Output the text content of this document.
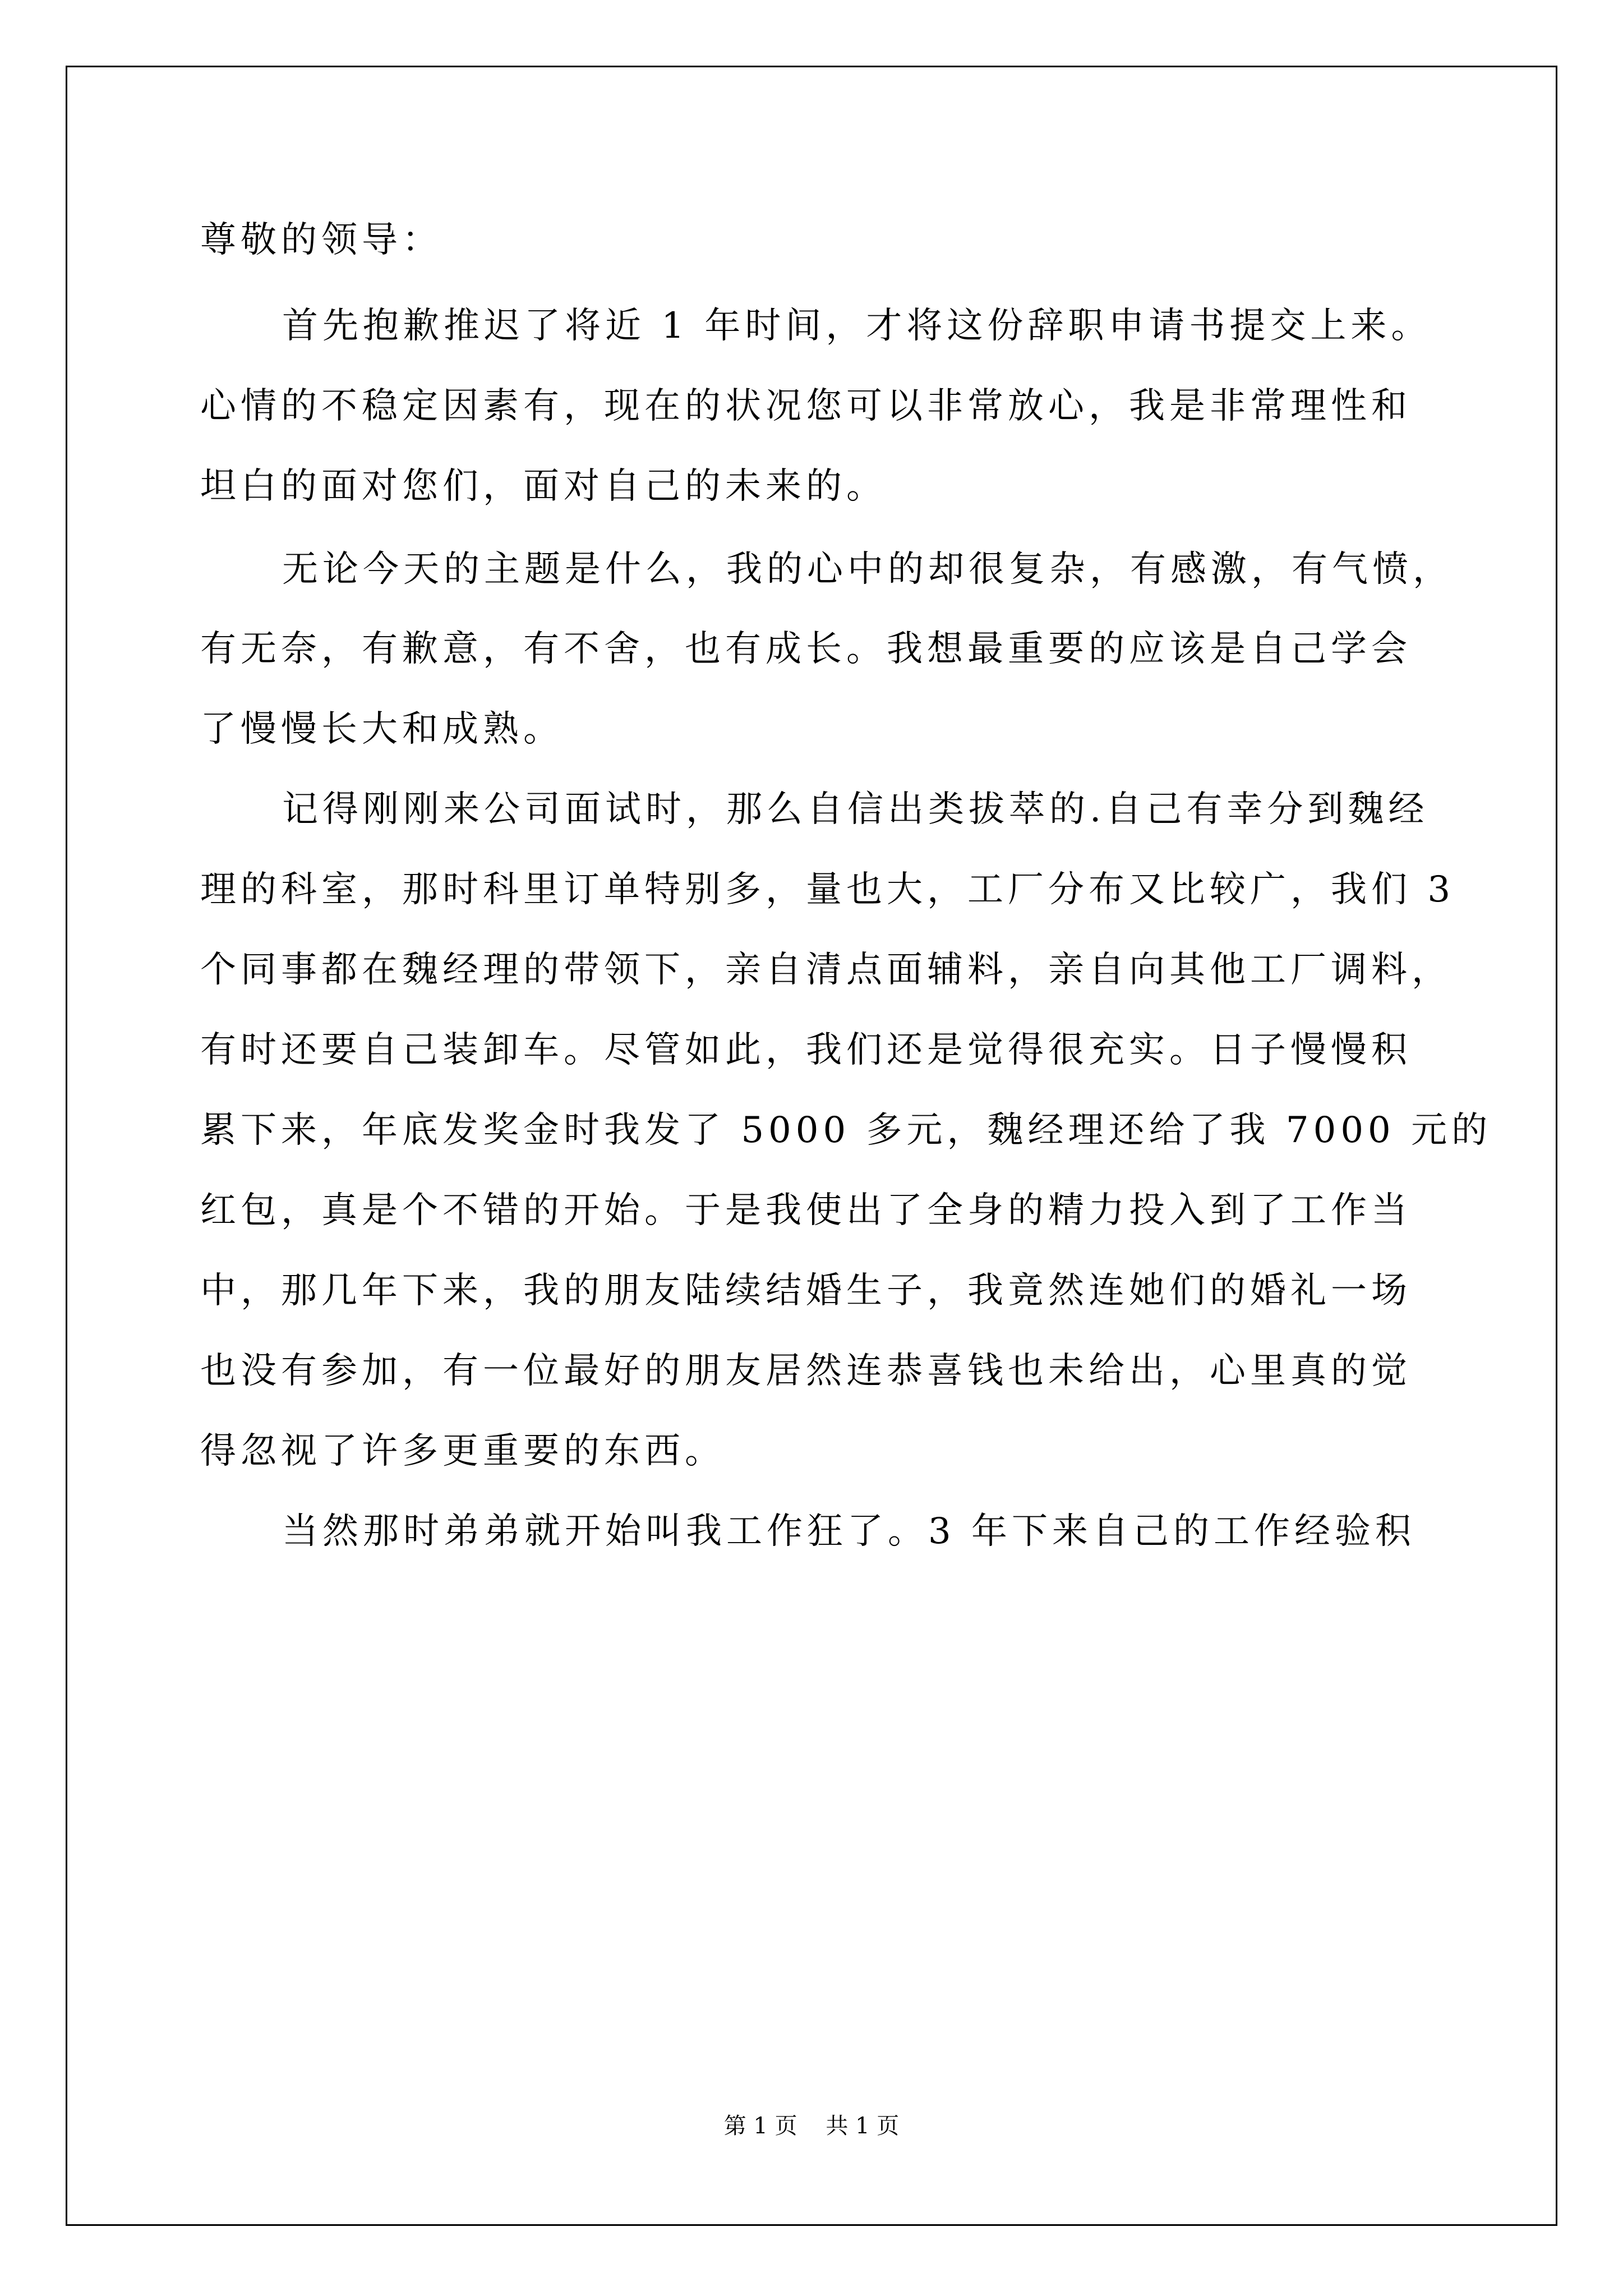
尊敬的领导：
首先抱歉推迟了将近 1 年时间，才将这份辞职申请书提交上来。
心情的不稳定因素有，现在的状况您可以非常放心，我是非常理性和
坦白的面对您们，面对自己的未来的。
无论今天的主题是什么，我的心中的却很复杂，有感激，有气愤，
有无奈，有歉意，有不舍，也有成长。我想最重要的应该是自己学会
了慢慢长大和成熟。
记得刚刚来公司面试时，那么自信出类拔萃的.自己有幸分到魏经
理的科室，那时科里订单特别多，量也大，工厂分布又比较广，我们 3
个同事都在魏经理的带领下，亲自清点面辅料，亲自向其他工厂调料，
有时还要自己装卸车。尽管如此，我们还是觉得很充实。日子慢慢积
累下来，年底发奖金时我发了 5000 多元，魏经理还给了我 7000 元的
红包，真是个不错的开始。于是我使出了全身的精力投入到了工作当
中，那几年下来，我的朋友陆续结婚生子，我竟然连她们的婚礼一场
也没有参加，有一位最好的朋友居然连恭喜钱也未给出，心里真的觉
得忽视了许多更重要的东西。
当然那时弟弟就开始叫我工作狂了。3 年下来自己的工作经验积
第 1 页    共 1 页
